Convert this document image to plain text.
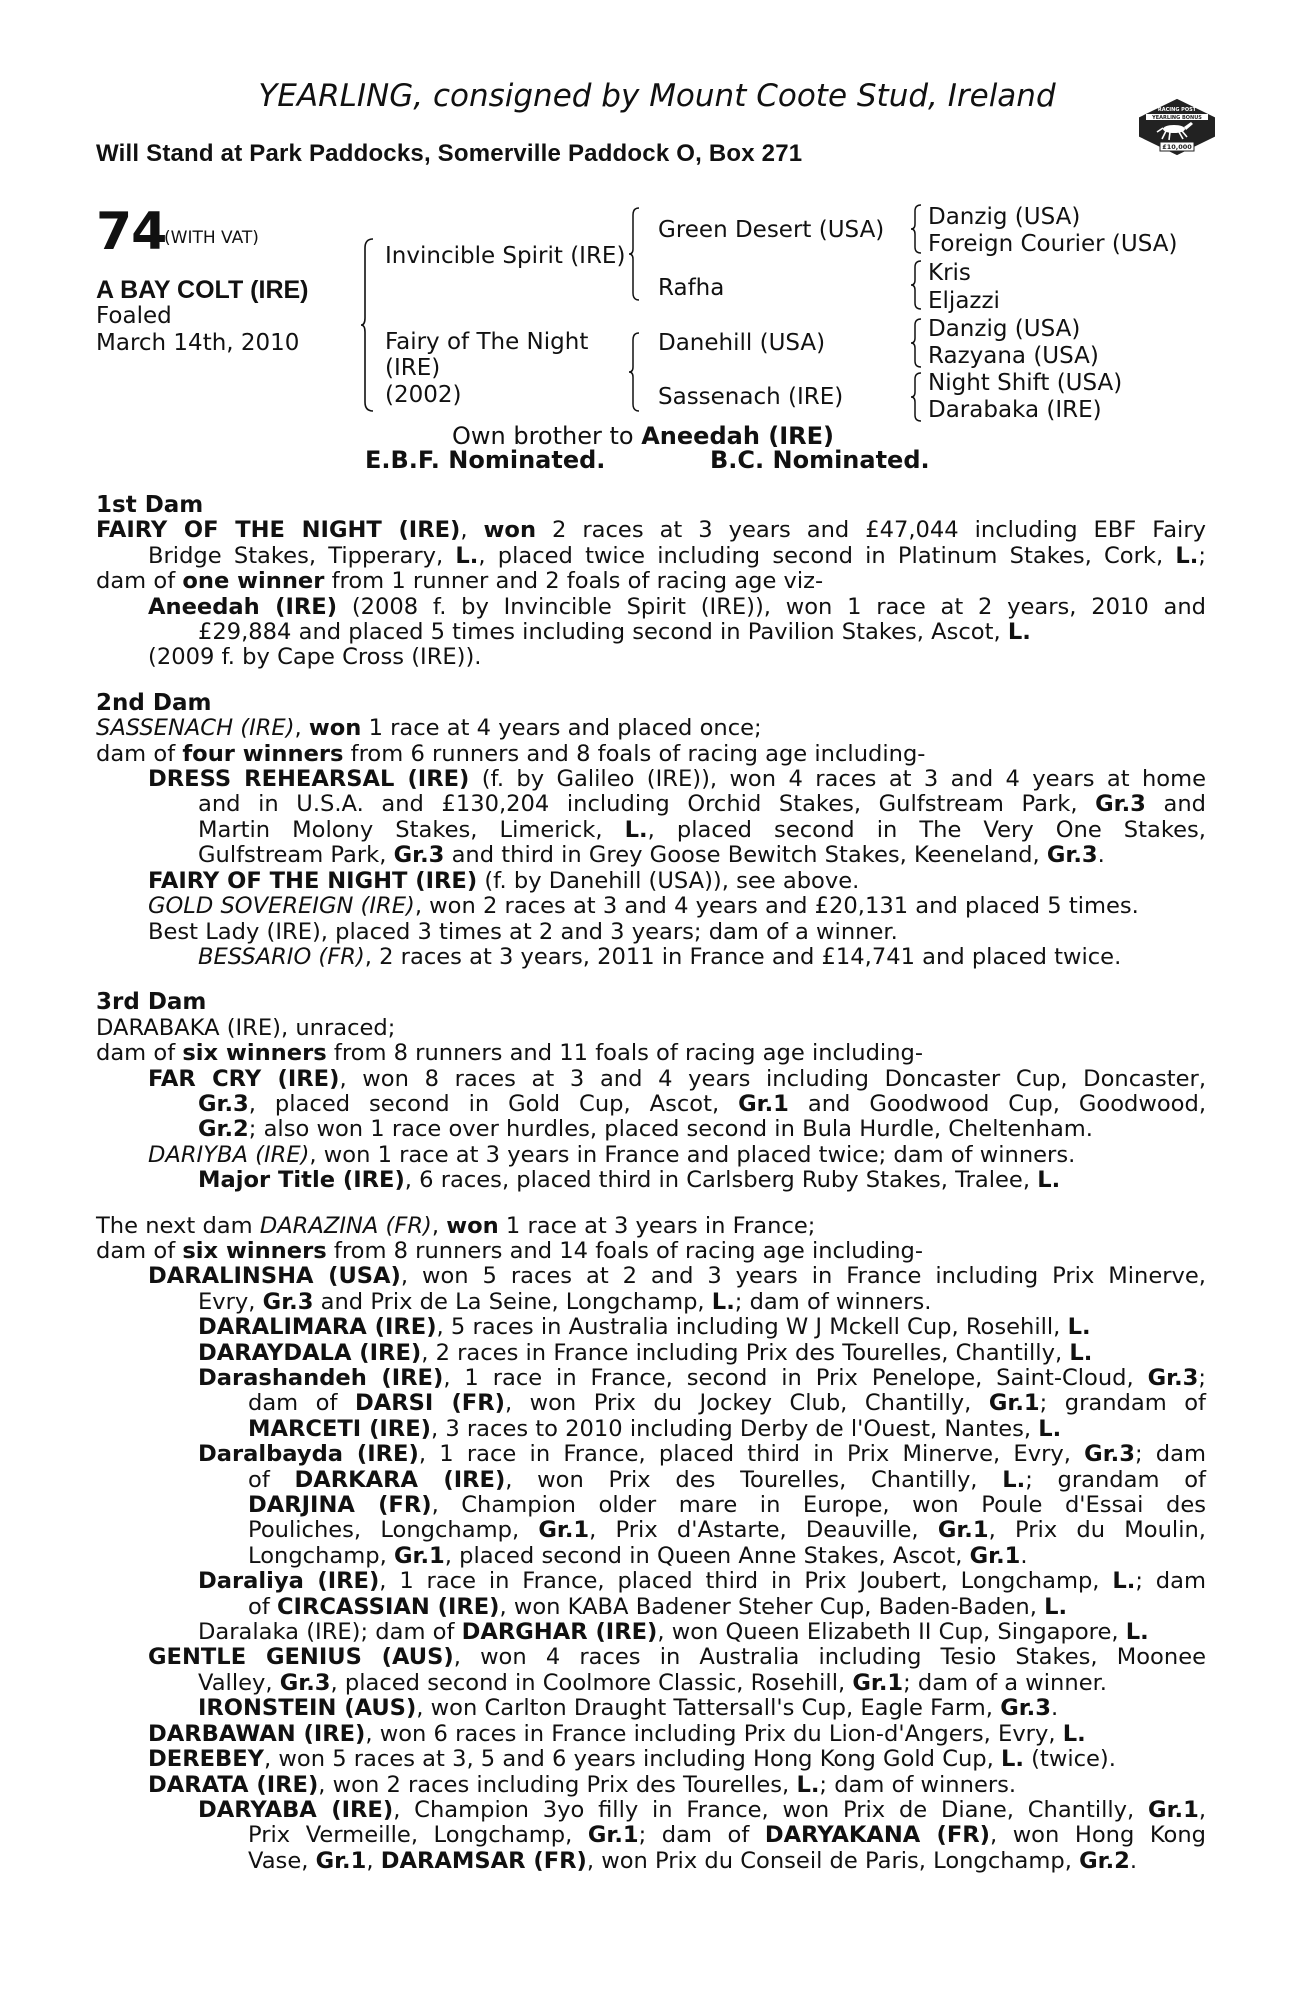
YEARLING, consigned by Mount Coote Stud, Ireland
Will Stand at Park Paddocks, Somerville Paddock O, Box 271
RACING POST
YEARLING BONUS
£10,000
74
(WITH VAT)
A BAY COLT (IRE)
Foaled
March 14th, 2010
Invincible Spirit (IRE)
Fairy of The Night
(IRE)
(2002)
Green Desert (USA)
Rafha
Danehill (USA)
Sassenach (IRE)
Danzig (USA)
Foreign Courier (USA)
Kris
Eljazzi
Danzig (USA)
Razyana (USA)
Night Shift (USA)
Darabaka (IRE)
Own brother to Aneedah (IRE)
E.B.F. Nominated.	B.C. Nominated.
1st Dam
FAIRY OF THE NIGHT (IRE), won 2 races at 3 years and £47,044 including EBF Fairy
Bridge Stakes, Tipperary, L., placed twice including second in Platinum Stakes, Cork, L.;
dam of one winner from 1 runner and 2 foals of racing age viz-
Aneedah (IRE) (2008 f. by Invincible Spirit (IRE)), won 1 race at 2 years, 2010 and
£29,884 and placed 5 times including second in Pavilion Stakes, Ascot, L.
(2009 f. by Cape Cross (IRE)).
2nd Dam
SASSENACH (IRE), won 1 race at 4 years and placed once;
dam of four winners from 6 runners and 8 foals of racing age including-
DRESS REHEARSAL (IRE) (f. by Galileo (IRE)), won 4 races at 3 and 4 years at home
and in U.S.A. and £130,204 including Orchid Stakes, Gulfstream Park, Gr.3 and
Martin Molony Stakes, Limerick, L., placed second in The Very One Stakes,
Gulfstream Park, Gr.3 and third in Grey Goose Bewitch Stakes, Keeneland, Gr.3.
FAIRY OF THE NIGHT (IRE) (f. by Danehill (USA)), see above.
GOLD SOVEREIGN (IRE), won 2 races at 3 and 4 years and £20,131 and placed 5 times.
Best Lady (IRE), placed 3 times at 2 and 3 years; dam of a winner.
BESSARIO (FR), 2 races at 3 years, 2011 in France and £14,741 and placed twice.
3rd Dam
DARABAKA (IRE), unraced;
dam of six winners from 8 runners and 11 foals of racing age including-
FAR CRY (IRE), won 8 races at 3 and 4 years including Doncaster Cup, Doncaster,
Gr.3, placed second in Gold Cup, Ascot, Gr.1 and Goodwood Cup, Goodwood,
Gr.2; also won 1 race over hurdles, placed second in Bula Hurdle, Cheltenham.
DARIYBA (IRE), won 1 race at 3 years in France and placed twice; dam of winners.
Major Title (IRE), 6 races, placed third in Carlsberg Ruby Stakes, Tralee, L.
The next dam DARAZINA (FR), won 1 race at 3 years in France;
dam of six winners from 8 runners and 14 foals of racing age including-
DARALINSHA (USA), won 5 races at 2 and 3 years in France including Prix Minerve,
Evry, Gr.3 and Prix de La Seine, Longchamp, L.; dam of winners.
DARALIMARA (IRE), 5 races in Australia including W J Mckell Cup, Rosehill, L.
DARAYDALA (IRE), 2 races in France including Prix des Tourelles, Chantilly, L.
Darashandeh (IRE), 1 race in France, second in Prix Penelope, Saint-Cloud, Gr.3;
dam of DARSI (FR), won Prix du Jockey Club, Chantilly, Gr.1; grandam of
MARCETI (IRE), 3 races to 2010 including Derby de l'Ouest, Nantes, L.
Daralbayda (IRE), 1 race in France, placed third in Prix Minerve, Evry, Gr.3; dam
of DARKARA (IRE), won Prix des Tourelles, Chantilly, L.; grandam of
DARJINA (FR), Champion older mare in Europe, won Poule d'Essai des
Pouliches, Longchamp, Gr.1, Prix d'Astarte, Deauville, Gr.1, Prix du Moulin,
Longchamp, Gr.1, placed second in Queen Anne Stakes, Ascot, Gr.1.
Daraliya (IRE), 1 race in France, placed third in Prix Joubert, Longchamp, L.; dam
of CIRCASSIAN (IRE), won KABA Badener Steher Cup, Baden-Baden, L.
Daralaka (IRE); dam of DARGHAR (IRE), won Queen Elizabeth II Cup, Singapore, L.
GENTLE GENIUS (AUS), won 4 races in Australia including Tesio Stakes, Moonee
Valley, Gr.3, placed second in Coolmore Classic, Rosehill, Gr.1; dam of a winner.
IRONSTEIN (AUS), won Carlton Draught Tattersall's Cup, Eagle Farm, Gr.3.
DARBAWAN (IRE), won 6 races in France including Prix du Lion-d'Angers, Evry, L.
DEREBEY, won 5 races at 3, 5 and 6 years including Hong Kong Gold Cup, L. (twice).
DARATA (IRE), won 2 races including Prix des Tourelles, L.; dam of winners.
DARYABA (IRE), Champion 3yo filly in France, won Prix de Diane, Chantilly, Gr.1,
Prix Vermeille, Longchamp, Gr.1; dam of DARYAKANA (FR), won Hong Kong
Vase, Gr.1, DARAMSAR (FR), won Prix du Conseil de Paris, Longchamp, Gr.2.
